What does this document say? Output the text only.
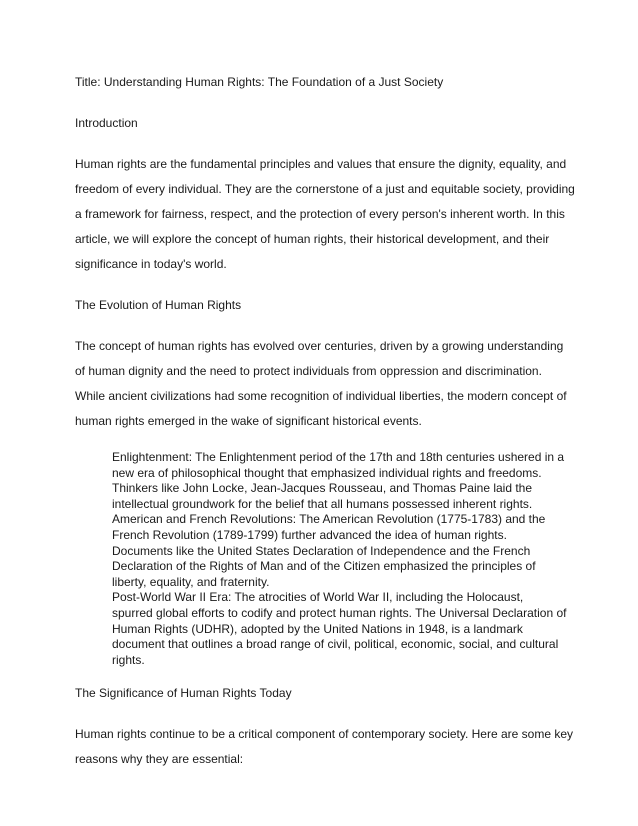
Title: Understanding Human Rights: The Foundation of a Just Society

Introduction

Human rights are the fundamental principles and values that ensure the dignity, equality, and freedom of every individual. They are the cornerstone of a just and equitable society, providing a framework for fairness, respect, and the protection of every person's inherent worth. In this article, we will explore the concept of human rights, their historical development, and their significance in today's world.

The Evolution of Human Rights

The concept of human rights has evolved over centuries, driven by a growing understanding of human dignity and the need to protect individuals from oppression and discrimination. While ancient civilizations had some recognition of individual liberties, the modern concept of human rights emerged in the wake of significant historical events.

Enlightenment: The Enlightenment period of the 17th and 18th centuries ushered in a new era of philosophical thought that emphasized individual rights and freedoms. Thinkers like John Locke, Jean-Jacques Rousseau, and Thomas Paine laid the intellectual groundwork for the belief that all humans possessed inherent rights.

American and French Revolutions: The American Revolution (1775-1783) and the French Revolution (1789-1799) further advanced the idea of human rights. Documents like the United States Declaration of Independence and the French Declaration of the Rights of Man and of the Citizen emphasized the principles of liberty, equality, and fraternity.

Post-World War II Era: The atrocities of World War II, including the Holocaust, spurred global efforts to codify and protect human rights. The Universal Declaration of Human Rights (UDHR), adopted by the United Nations in 1948, is a landmark document that outlines a broad range of civil, political, economic, social, and cultural rights.

The Significance of Human Rights Today

Human rights continue to be a critical component of contemporary society. Here are some key reasons why they are essential:
